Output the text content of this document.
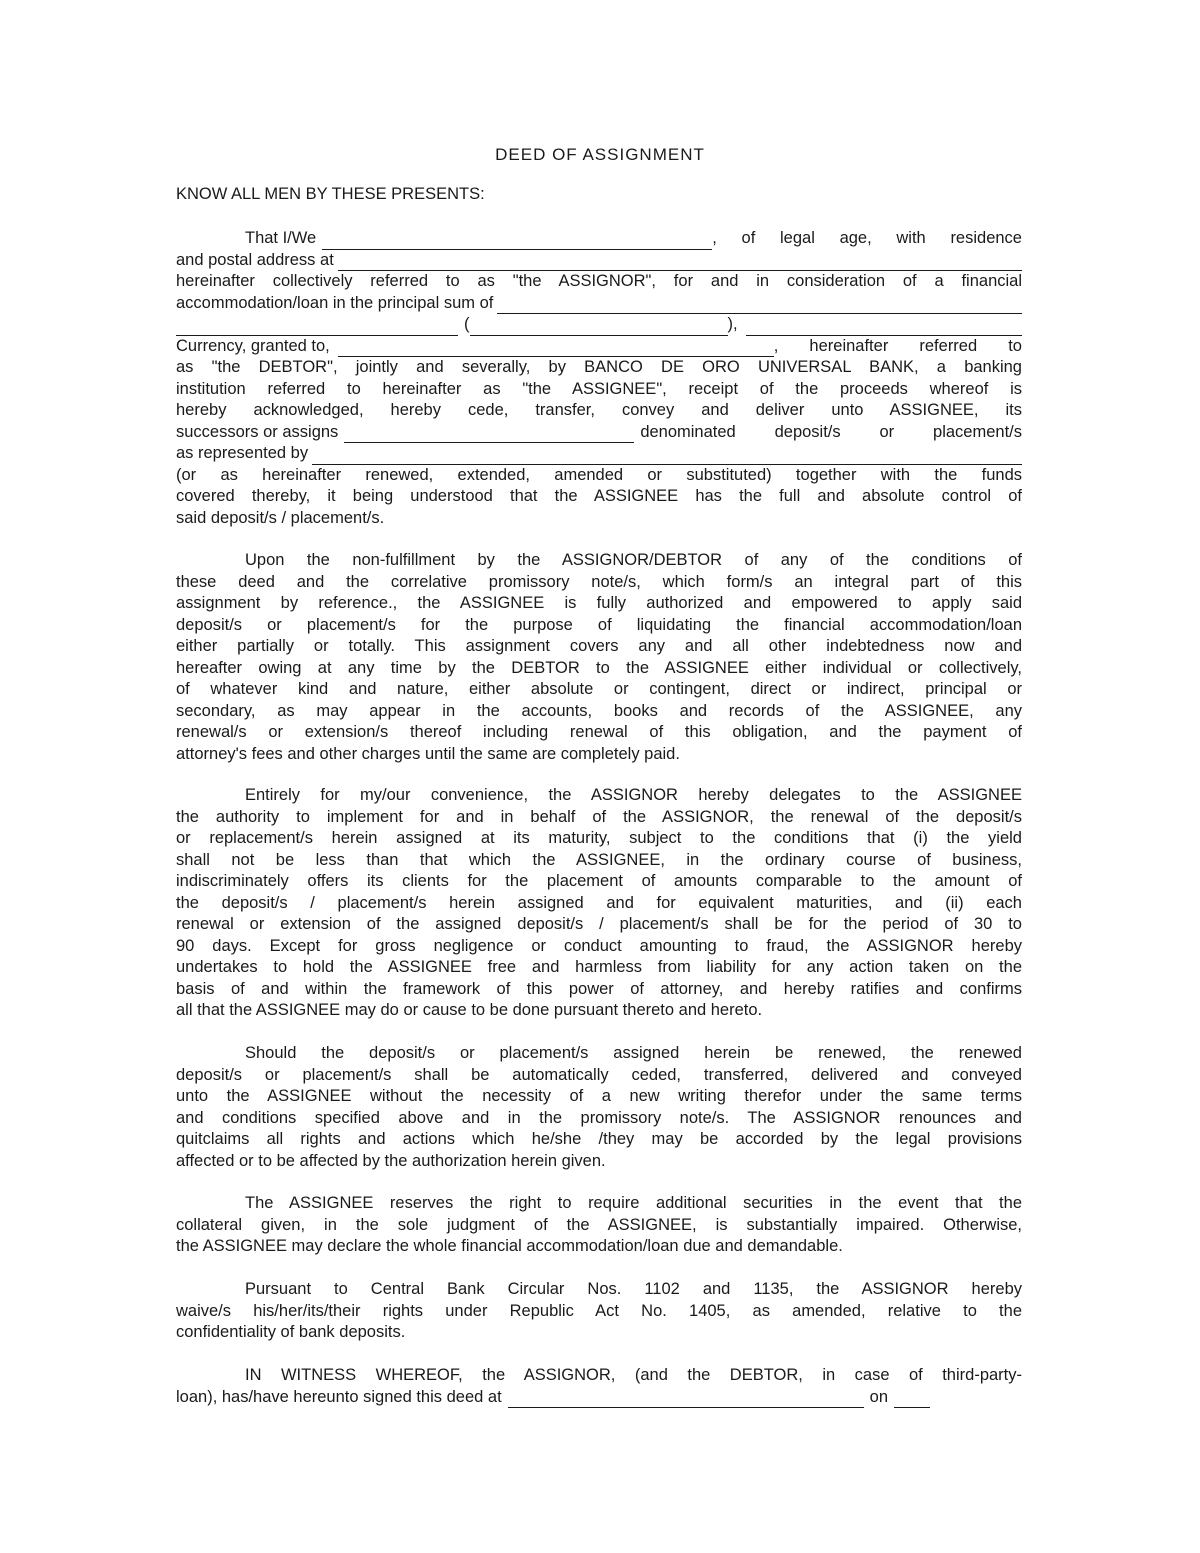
DEED OF ASSIGNMENT
KNOW ALL MEN BY THESE PRESENTS:
That I/We	, of legal age, with residence
and postal address at
hereinafter collectively referred to as "the ASSIGNOR", for and in consideration of a financial
accommodation/loan in the principal sum of
(	),
Currency, granted to,	, hereinafter referred to
as "the DEBTOR", jointly and severally, by BANCO DE ORO UNIVERSAL BANK, a banking
institution referred to hereinafter as "the ASSIGNEE", receipt of the proceeds whereof is
hereby acknowledged, hereby cede, transfer, convey and deliver unto ASSIGNEE, its
successors or assigns	denominated deposit/s or placement/s
as represented by
(or as hereinafter renewed, extended, amended or substituted) together with the funds
covered thereby, it being understood that the ASSIGNEE has the full and absolute control of
said deposit/s / placement/s.
Upon the non-fulfillment by the ASSIGNOR/DEBTOR of any of the conditions of
these deed and the correlative promissory note/s, which form/s an integral part of this
assignment by reference., the ASSIGNEE is fully authorized and empowered to apply said
deposit/s or placement/s for the purpose of liquidating the financial accommodation/loan
either partially or totally. This assignment covers any and all other indebtedness now and
hereafter owing at any time by the DEBTOR to the ASSIGNEE either individual or collectively,
of whatever kind and nature, either absolute or contingent, direct or indirect, principal or
secondary, as may appear in the accounts, books and records of the ASSIGNEE, any
renewal/s or extension/s thereof including renewal of this obligation, and the payment of
attorney's fees and other charges until the same are completely paid.
Entirely for my/our convenience, the ASSIGNOR hereby delegates to the ASSIGNEE
the authority to implement for and in behalf of the ASSIGNOR, the renewal of the deposit/s
or replacement/s herein assigned at its maturity, subject to the conditions that (i) the yield
shall not be less than that which the ASSIGNEE, in the ordinary course of business,
indiscriminately offers its clients for the placement of amounts comparable to the amount of
the deposit/s / placement/s herein assigned and for equivalent maturities, and (ii) each
renewal or extension of the assigned deposit/s / placement/s shall be for the period of 30 to
90 days. Except for gross negligence or conduct amounting to fraud, the ASSIGNOR hereby
undertakes to hold the ASSIGNEE free and harmless from liability for any action taken on the
basis of and within the framework of this power of attorney, and hereby ratifies and confirms
all that the ASSIGNEE may do or cause to be done pursuant thereto and hereto.
Should the deposit/s or placement/s assigned herein be renewed, the renewed
deposit/s or placement/s shall be automatically ceded, transferred, delivered and conveyed
unto the ASSIGNEE without the necessity of a new writing therefor under the same terms
and conditions specified above and in the promissory note/s. The ASSIGNOR renounces and
quitclaims all rights and actions which he/she /they may be accorded by the legal provisions
affected or to be affected by the authorization herein given.
The ASSIGNEE reserves the right to require additional securities in the event that the
collateral given, in the sole judgment of the ASSIGNEE, is substantially impaired. Otherwise,
the ASSIGNEE may declare the whole financial accommodation/loan due and demandable.
Pursuant to Central Bank Circular Nos. 1102 and 1135, the ASSIGNOR hereby
waive/s his/her/its/their rights under Republic Act No. 1405, as amended, relative to the
confidentiality of bank deposits.
IN WITNESS WHEREOF, the ASSIGNOR, (and the DEBTOR, in case of third-party-
loan), has/have hereunto signed this deed at	on
